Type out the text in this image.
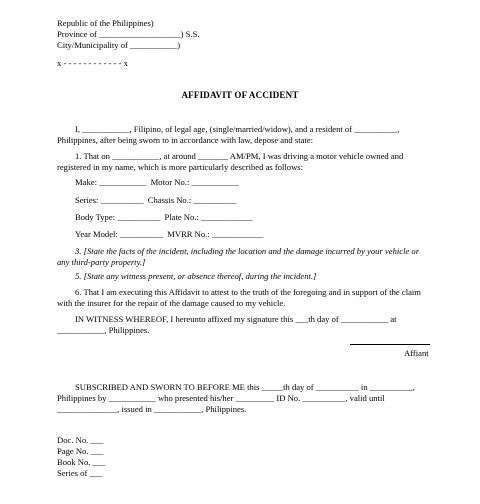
Republic of the Philippines)
Province of ___________________) S.S.
City/Municipality of ___________)
x - - - - - - - - - - - - x
AFFIDAVIT OF ACCIDENT
I, ___________, Filipino, of legal age, (single/married/widow), and a resident of __________,
Philippines, after being sworn to in accordance with law, depose and state:
1. That on ___________, at around _______ AM/PM, I was driving a motor vehicle owned and
registered in my name, which is more particularly described as follows:
Make: ___________  Motor No.: ___________
Series: __________  Chassis No.: __________
Body Type: __________  Plate No.: ____________
Year Model: __________  MVRR No.: ____________
3. [State the facts of the incident, including the location and the damage incurred by your vehicle or
any third-party property.]
5. [State any witness present, or absence thereof, during the incident.]
6. That I am executing this Affidavit to attest to the truth of the foregoing and in support of the claim
with the insurer for the repair of the damage caused to my vehicle.
IN WITNESS WHEREOF, I hereunto affixed my signature this ___th day of ___________ at
___________, Philippines.
Affiant
SUBSCRIBED AND SWORN TO BEFORE ME this _____th day of __________ in __________,
Philippines by ___________ who presented his/her _________ ID No. __________, valid until
______________, issued in ___________, Philippines.
Doc. No. ___
Page No. ___
Book No. ___
Series of ___
